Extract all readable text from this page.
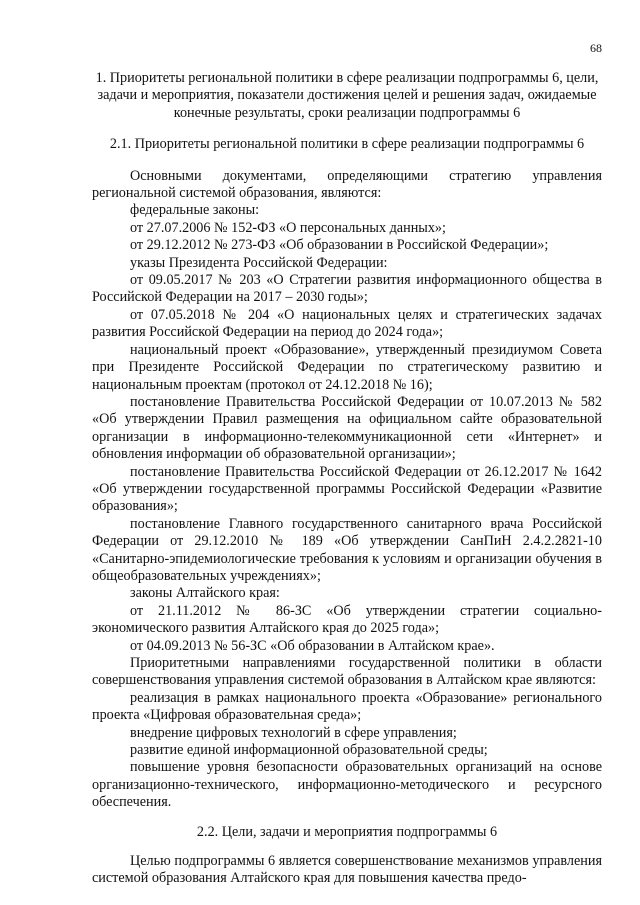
68

1. Приоритеты региональной политики в сфере реализации подпрограммы 6, цели, задачи и мероприятия, показатели достижения целей и решения задач, ожидаемые конечные результаты, сроки реализации подпрограммы 6

2.1. Приоритеты региональной политики в сфере реализации подпрограммы 6

Основными документами, определяющими стратегию управления региональной системой образования, являются:

федеральные законы:

от 27.07.2006 № 152-ФЗ «О персональных данных»;

от 29.12.2012 № 273-ФЗ «Об образовании в Российской Федерации»;

указы Президента Российской Федерации:

от 09.05.2017 № 203 «О Стратегии развития информационного общества в Российской Федерации на 2017 – 2030 годы»;

от 07.05.2018 № 204 «О национальных целях и стратегических задачах развития Российской Федерации на период до 2024 года»;

национальный проект «Образование», утвержденный президиумом Совета при Президенте Российской Федерации по стратегическому развитию и национальным проектам (протокол от 24.12.2018 № 16);

постановление Правительства Российской Федерации от 10.07.2013 № 582 «Об утверждении Правил размещения на официальном сайте образовательной организации в информационно-телекоммуникационной сети «Интернет» и обновления информации об образовательной организации»;

постановление Правительства Российской Федерации от 26.12.2017 № 1642 «Об утверждении государственной программы Российской Федерации «Развитие образования»;

постановление Главного государственного санитарного врача Российской Федерации от 29.12.2010 № 189 «Об утверждении СанПиН 2.4.2.2821-10 «Санитарно-эпидемиологические требования к условиям и организации обучения в общеобразовательных учреждениях»;

законы Алтайского края:

от 21.11.2012 № 86-ЗС «Об утверждении стратегии социально-экономического развития Алтайского края до 2025 года»;

от 04.09.2013 № 56-ЗС «Об образовании в Алтайском крае».

Приоритетными направлениями государственной политики в области совершенствования управления системой образования в Алтайском крае являются:

реализация в рамках национального проекта «Образование» регионального проекта «Цифровая образовательная среда»;

внедрение цифровых технологий в сфере управления;

развитие единой информационной образовательной среды;

повышение уровня безопасности образовательных организаций на основе организационно-технического, информационно-методического и ресурсного обеспечения.

2.2. Цели, задачи и мероприятия подпрограммы 6

Целью подпрограммы 6 является совершенствование механизмов управления системой образования Алтайского края для повышения качества предо-
